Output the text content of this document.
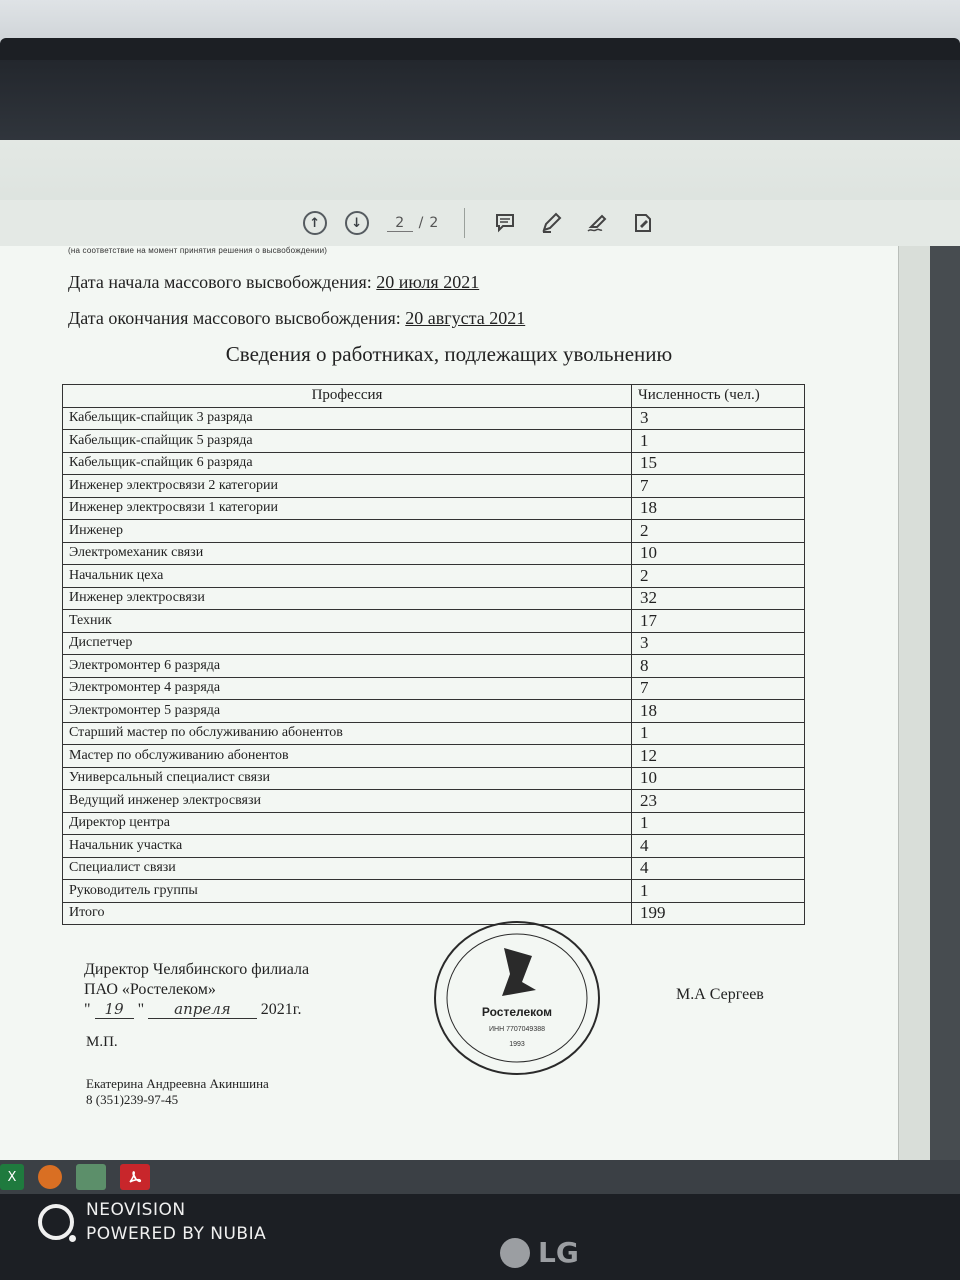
↑ ↓	2	/ 2
(на соответствие на момент принятия решения о высвобождении)
Дата начала массового высвобождения: 20 июля 2021
Дата окончания массового высвобождения: 20 августа 2021
Сведения о работниках, подлежащих увольнению
Профессия	Численность (чел.)
Кабельщик-спайщик 3 разряда	3
Кабельщик-спайщик 5 разряда	1
Кабельщик-спайщик 6 разряда	15
Инженер электросвязи 2 категории	7
Инженер электросвязи 1 категории	18
Инженер	2
Электромеханик связи	10
Начальник цеха	2
Инженер электросвязи	32
Техник	17
Диспетчер	3
Электромонтер 6 разряда	8
Электромонтер 4 разряда	7
Электромонтер 5 разряда	18
Старший мастер по обслуживанию абонентов	1
Мастер по обслуживанию абонентов	12
Универсальный специалист связи	10
Ведущий инженер электросвязи	23
Директор центра	1
Начальник участка	4
Специалист связи	4
Руководитель группы	1
Итого	199
Директор Челябинского филиала
ПАО «Ростелеком»
" 19 "	апреля	2021г.
М.П.
М.А Сергеев
Ростелеком
ИНН 7707049388
1993
Екатерина Андреевна Акиншина
8 (351)239-97-45
X
NEOVISION
POWERED BY NUBIA
LG
